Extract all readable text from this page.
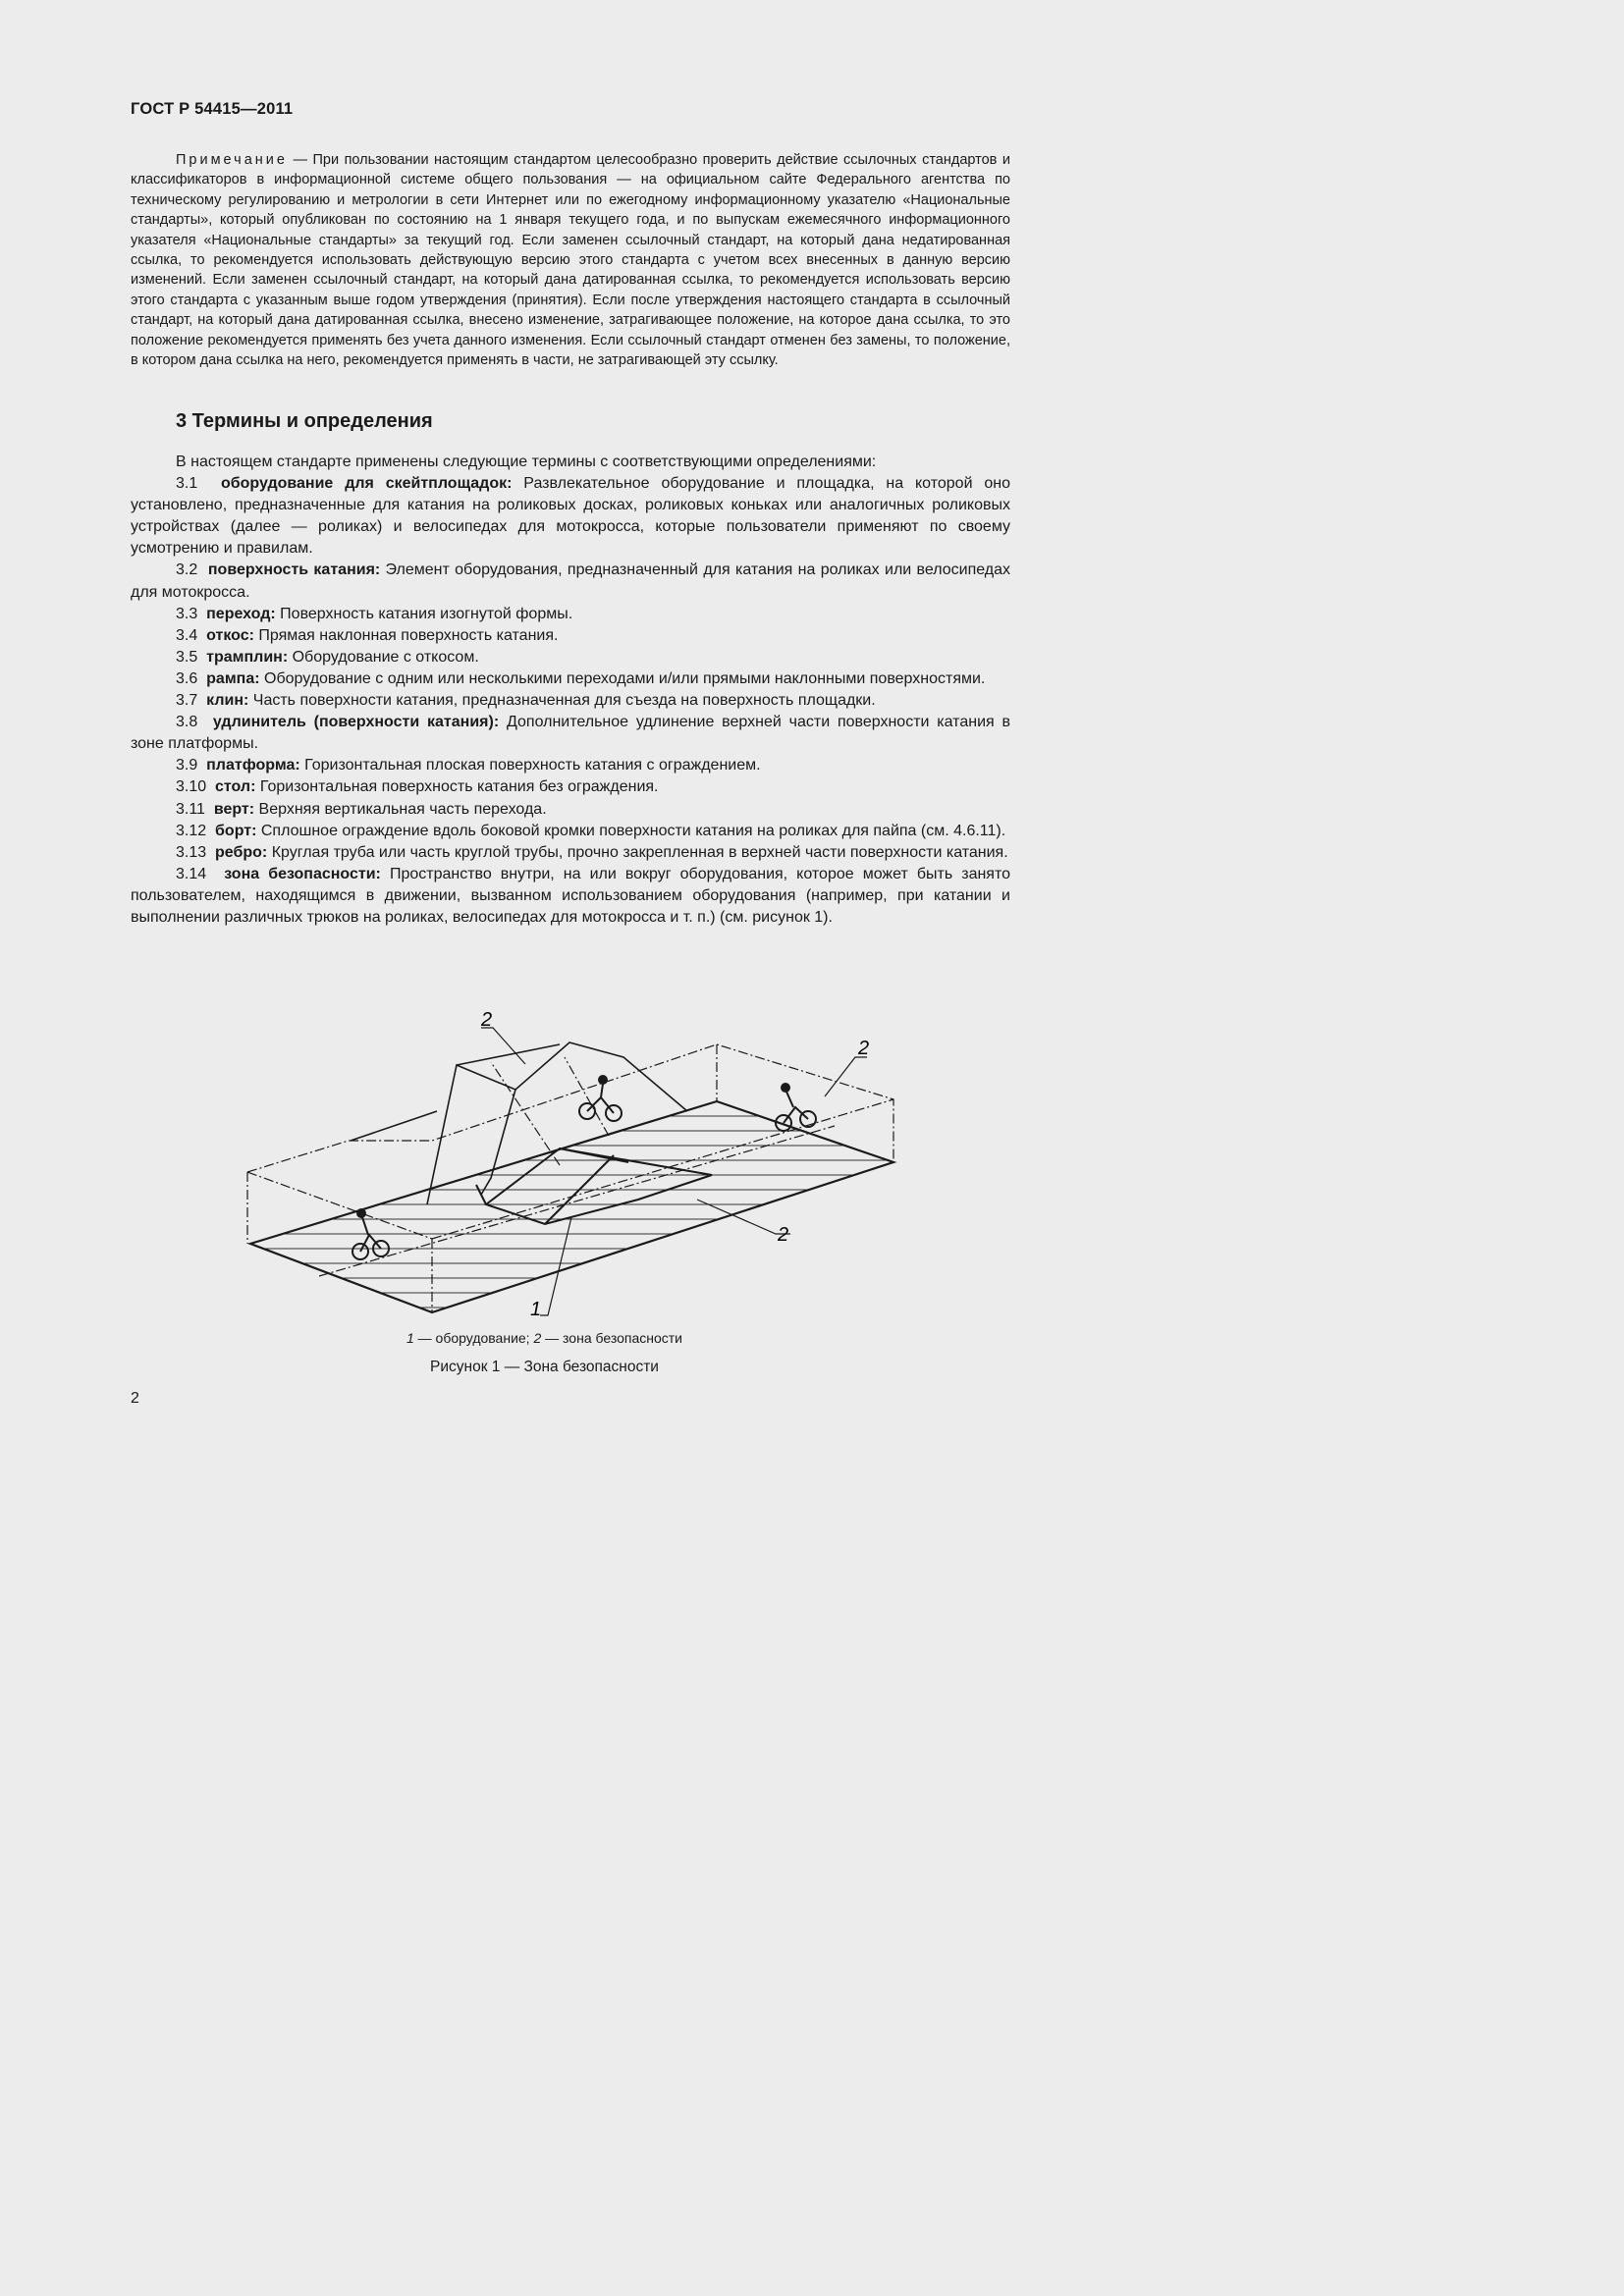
ГОСТ Р 54415—2011
Примечание — При пользовании настоящим стандартом целесообразно проверить действие ссылочных стандартов и классификаторов в информационной системе общего пользования — на официальном сайте Федерального агентства по техническому регулированию и метрологии в сети Интернет или по ежегодному информационному указателю «Национальные стандарты», который опубликован по состоянию на 1 января текущего года, и по выпускам ежемесячного информационного указателя «Национальные стандарты» за текущий год. Если заменен ссылочный стандарт, на который дана недатированная ссылка, то рекомендуется использовать действующую версию этого стандарта с учетом всех внесенных в данную версию изменений. Если заменен ссылочный стандарт, на который дана датированная ссылка, то рекомендуется использовать версию этого стандарта с указанным выше годом утверждения (принятия). Если после утверждения настоящего стандарта в ссылочный стандарт, на который дана датированная ссылка, внесено изменение, затрагивающее положение, на которое дана ссылка, то это положение рекомендуется применять без учета данного изменения. Если ссылочный стандарт отменен без замены, то положение, в котором дана ссылка на него, рекомендуется применять в части, не затрагивающей эту ссылку.
3 Термины и определения

В настоящем стандарте применены следующие термины с соответствующими определениями:

3.1 оборудование для скейтплощадок: Развлекательное оборудование и площадка, на которой оно установлено, предназначенные для катания на роликовых досках, роликовых коньках или аналогичных роликовых устройствах (далее — роликах) и велосипедах для мотокросса, которые пользователи применяют по своему усмотрению и правилам.

3.2 поверхность катания: Элемент оборудования, предназначенный для катания на роликах или велосипедах для мотокросса.

3.3 переход: Поверхность катания изогнутой формы.

3.4 откос: Прямая наклонная поверхность катания.

3.5 трамплин: Оборудование с откосом.

3.6 рампа: Оборудование с одним или несколькими переходами и/или прямыми наклонными поверхностями.

3.7 клин: Часть поверхности катания, предназначенная для съезда на поверхность площадки.

3.8 удлинитель (поверхности катания): Дополнительное удлинение верхней части поверхности катания в зоне платформы.

3.9 платформа: Горизонтальная плоская поверхность катания с ограждением.

3.10 стол: Горизонтальная поверхность катания без ограждения.

3.11 верт: Верхняя вертикальная часть перехода.

3.12 борт: Сплошное ограждение вдоль боковой кромки поверхности катания на роликах для пайпа (см. 4.6.11).

3.13 ребро: Круглая труба или часть круглой трубы, прочно закрепленная в верхней части поверхности катания.

3.14 зона безопасности: Пространство внутри, на или вокруг оборудования, которое может быть занято пользователем, находящимся в движении, вызванном использованием оборудования (например, при катании и выполнении различных трюков на роликах, велосипедах для мотокросса и т. п.) (см. рисунок 1).

2
2
2
1
1 — оборудование; 2 — зона безопасности
Рисунок 1 — Зона безопасности
2
